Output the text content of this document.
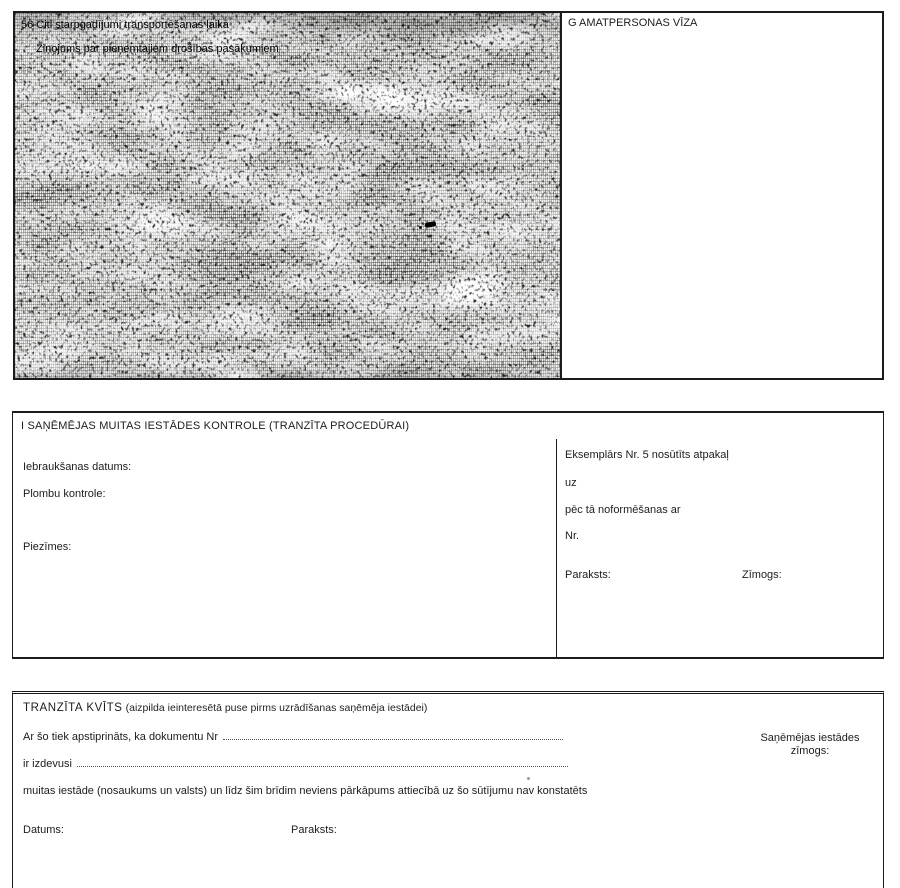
56 Citi starpgadījumi transportēšanas laikā
Ziņojums par pieņemtajiem drošības pasākumiem
G AMATPERSONAS VĪZA
I SAŅĒMĒJAS MUITAS IESTĀDES KONTROLE (TRANZĪTA PROCEDŪRAI)
Iebraukšanas datums:
Plombu kontrole:
Piezīmes:
Eksemplārs Nr. 5 nosūtīts atpakaļ
uz
pēc tā noformēšanas ar
Nr.
Paraksts:	Zīmogs:
TRANZĪTA KVĪTS (aizpilda ieinteresētā puse pirms uzrādīšanas saņēmēja iestādei)
Ar šo tiek apstiprināts, ka dokumentu Nr
ir izdevusi
muitas iestāde (nosaukums un valsts) un līdz šim brīdim neviens pārkāpums attiecībā uz šo sūtījumu nav konstatēts
Datums:	Paraksts:
Saņēmējas iestādes
zīmogs:
